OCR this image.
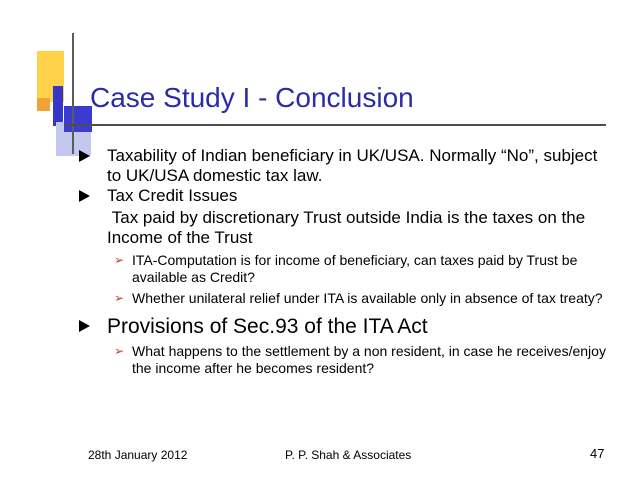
Case Study I - Conclusion
Taxability of Indian beneficiary in UK/USA. Normally “No”, subject to UK/USA domestic tax law.
Tax Credit Issues
Tax paid by discretionary Trust outside India is the taxes on the Income of the Trust
➢ ITA-Computation is for income of beneficiary, can taxes paid by Trust be available as Credit?
➢ Whether unilateral relief under ITA is available only in absence of tax treaty?
Provisions of Sec.93 of the ITA Act
➢ What happens to the settlement by a non resident, in case he receives/enjoy the income after he becomes resident?
28th January 2012	P. P. Shah & Associates	47
